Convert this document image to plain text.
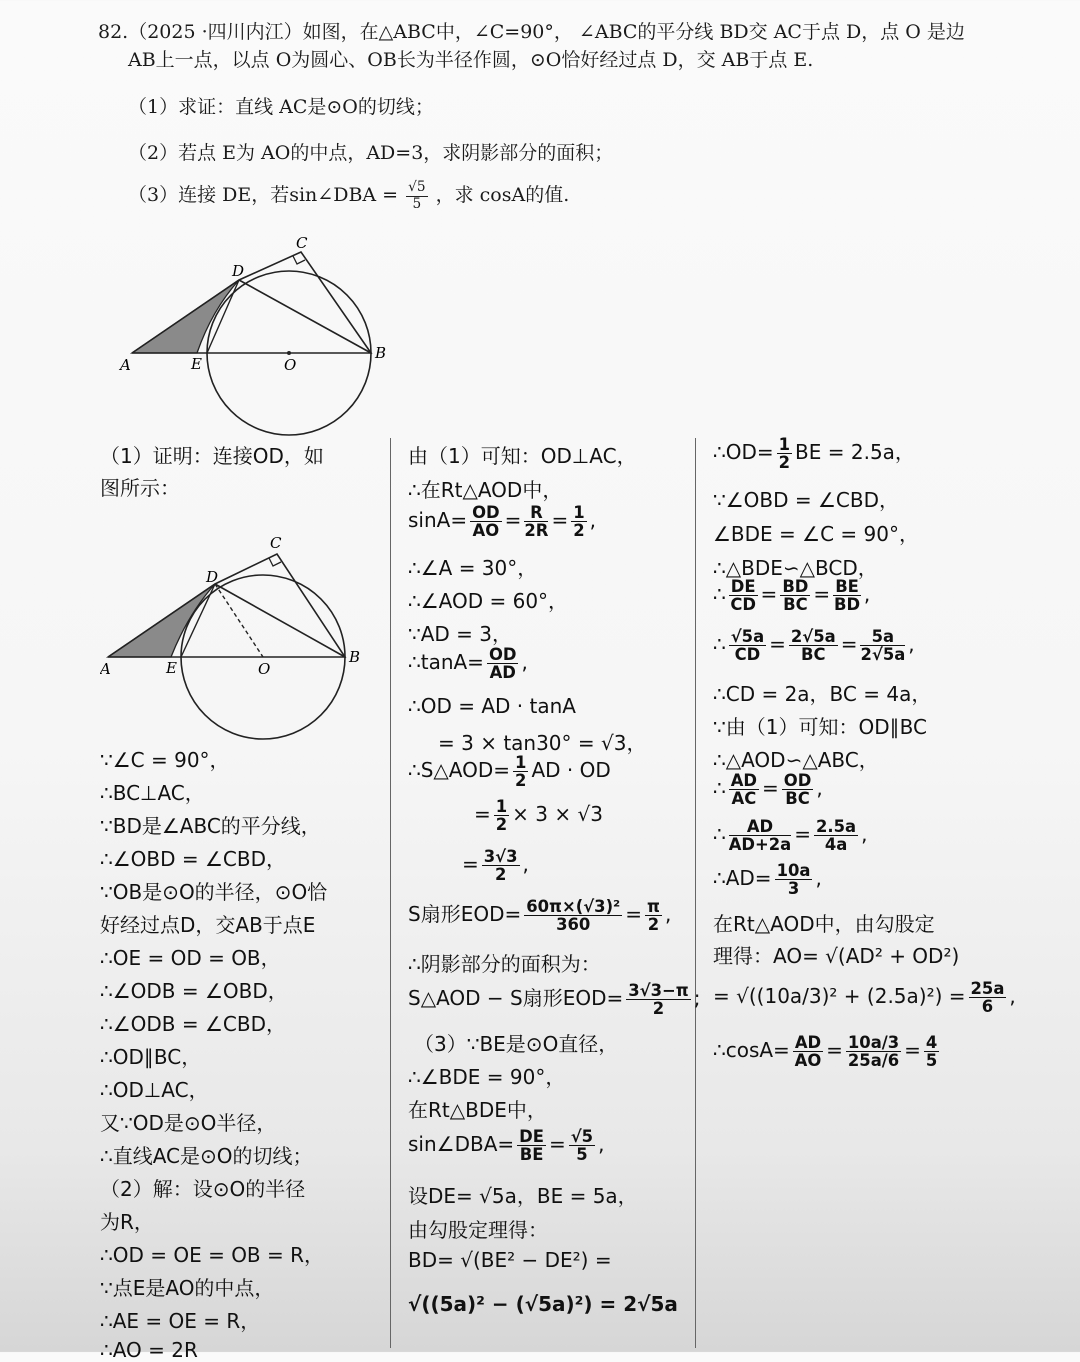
82.（2025 ·四川内江）如图，在△ABC中，∠C=90°， ∠ABC的平分线 BD交 AC于点 D，点 O 是边
AB上一点，以点 O为圆心、OB长为半径作圆，⊙O恰好经过点 D，交 AB于点 E.
（1）求证：直线 AC是⊙O的切线；
（2）若点 E为 AO的中点，AD=3，求阴影部分的面积；
（3）连接 DE，若sin∠DBA = $\frac{√5}{5}$ ，求 cosA的值.
A
B
C
D
E	O
（1）证明：连接OD，如
图所示：
A
B
C
D
E	O
∵∠C = 90°，
∴BC⊥AC，
∵BD是∠ABC的平分线，
∴∠OBD = ∠CBD，
∵OB是⊙O的半径，⊙O恰
好经过点D，交AB于点E
∴OE = OD = OB，
∴∠ODB = ∠OBD，
∴∠ODB = ∠CBD，
∴OD∥BC，
∴OD⊥AC，
又∵OD是⊙O半径，
∴直线AC是⊙O的切线；
（2）解：设⊙O的半径
为R，
∴OD = OE = OB = R，
∵点E是AO的中点，
∴AE = OE = R，
∴AO = 2R
由（1）可知：OD⊥AC，
∴在Rt△AOD中，
$\sin A= \frac{OD}{AO} = \frac{R}{2R} = \frac{1}{2}$ ,
∴∠A = 30°，
∴∠AOD = 60°，
∵AD = 3，
∴tanA= $\frac{OD}{AD}$ ,
∴OD = AD · tanA
= 3 × tan30° = √3，
∴S△AOD= $\frac{1}{2}$ AD · OD
= $\frac{1}{2} \times 3 \times √3$
= $\frac{3√3}{2}$ ,
S扇形$EOD= \frac{\text{60π×(√3)²}}{360} = \frac{\pi}{2}$ ,
∴阴影部分的面积为：
S△AOD − S扇形$EOD= \frac{3√3-\pi}{2}$ ;
（3）∵BE是⊙O直径，
∴∠BDE = 90°，
在Rt△BDE中，
sin∠DBA= $\frac{DE}{BE} = \frac{√5}{5}$ ,
设DE= √5a，BE = 5a，
由勾股定理得：
BD= √(BE² − DE²) =
√((5a)² − (√5a)²) = 2√5a
∴OD= $\frac{1}{2}$ BE = 2.5a，
∵∠OBD = ∠CBD，
∠BDE = ∠C = 90°，
∴△BDE∽△BCD，
∴ $\frac{DE}{CD} = \frac{BD}{BC} = \frac{BE}{BD}$ ,
∴ $\frac{√5a}{CD} = \frac{2√5a}{BC} = \frac{5a}{2√5a}$ ,
∴CD = 2a，BC = 4a，
∵由（1）可知：OD∥BC
∴△AOD∽△ABC，
∴ $\frac{AD}{AC} = \frac{OD}{BC}$ ,
∴ $\frac{AD}{AD+2a} = \frac{2.5a}{4a}$ ,
∴AD= $\frac{10a}{3}$ ,
在Rt△AOD中，由勾股定
理得：AO= √(AD² + OD²)
= $√((10a/3)^2 + (2.5a)^2) = \frac{25a}{6}$ ,
∴cosA= $\frac{AD}{AO} = \frac{10a/3}{25a/6} = \frac{4}{5}$
